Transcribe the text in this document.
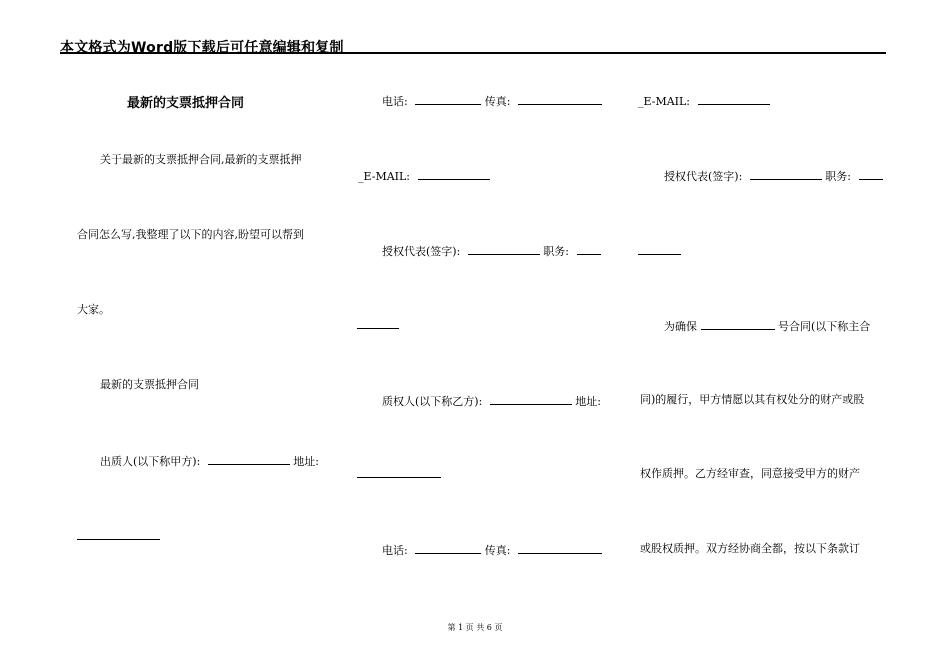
本文格式为Word版下载后可任意编辑和复制
最新的支票抵押合同
关于最新的支票抵押合同,最新的支票抵押
合同怎么写,我整理了以下的内容,盼望可以帮到
大家。
最新的支票抵押合同
出质人(以下称甲方):	地址:
电话:	传真:
_E-MAIL:
授权代表(签字):	职务:
质权人(以下称乙方):	地址:
电话:	传真:
_E-MAIL:
授权代表(签字):	职务:
为确保	号合同(以下称主合
同)的履行，甲方情愿以其有权处分的财产或股
权作质押。乙方经审查，同意接受甲方的财产
或股权质押。双方经协商全都，按以下条款订
第 1 页 共 6 页
